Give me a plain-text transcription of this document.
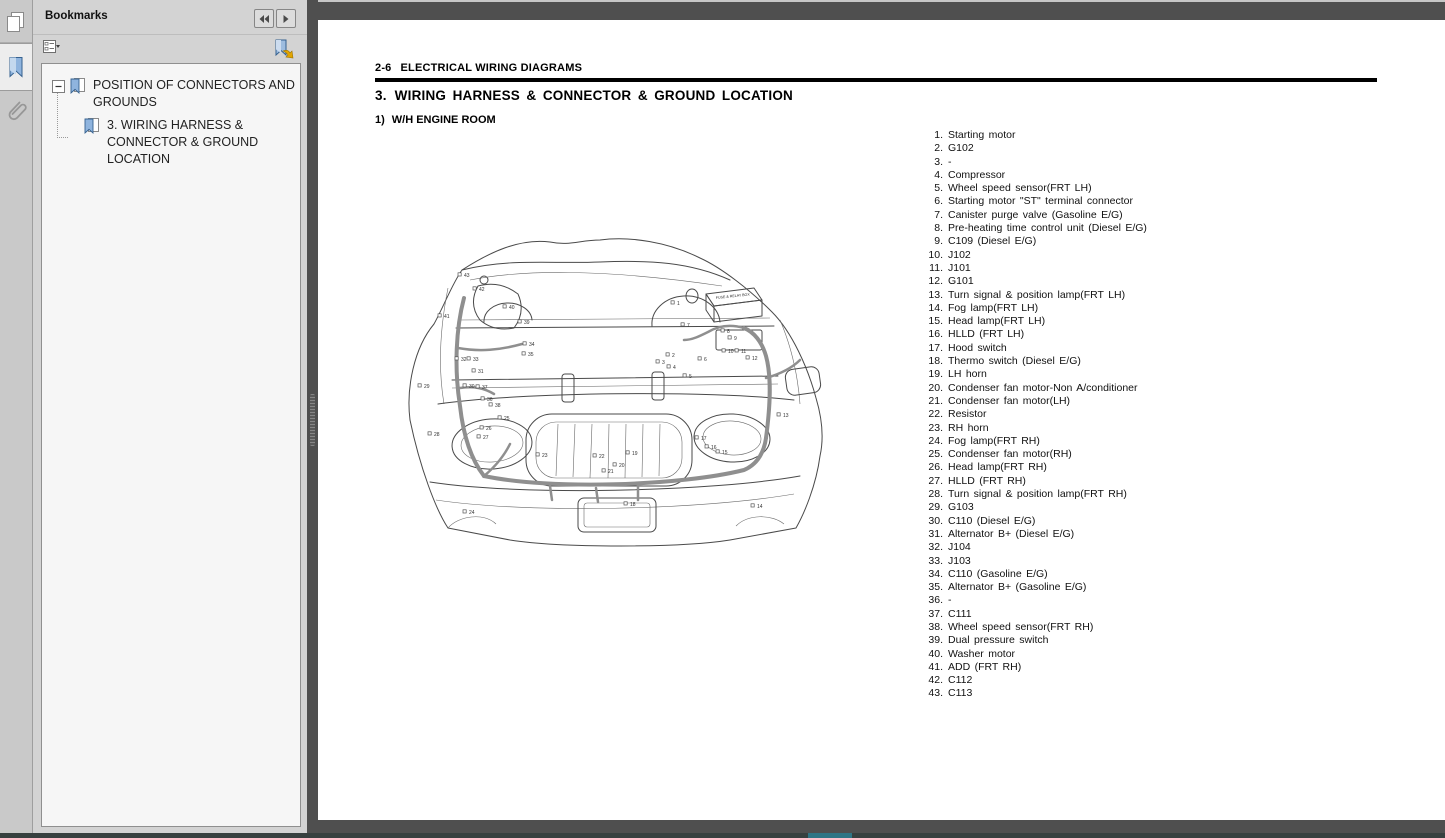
Bookmarks
POSITION OF CONNECTORS AND GROUNDS
3. WIRING HARNESS & CONNECTOR & GROUND LOCATION
2-6 ELECTRICAL WIRING DIAGRAMS
3. WIRING HARNESS & CONNECTOR & GROUND LOCATION
1) W/H ENGINE ROOM
FUSE & RELAY BOX
1
2
3
4
5
6
7
8
9
10 11
12
13
14
15
16
17
18
19
20
21
22
23
24
25
26
27
28
29	30
31
32 33
34
35
36
37
38
39
40
41
42
43
1. Starting motor
2. G102
3. -
4. Compressor
5. Wheel speed sensor(FRT LH)
6. Starting motor "ST" terminal connector
7. Canister purge valve (Gasoline E/G)
8. Pre-heating time control unit (Diesel E/G)
9. C109 (Diesel E/G)
10. J102
11. J101
12. G101
13. Turn signal & position lamp(FRT LH)
14. Fog lamp(FRT LH)
15. Head lamp(FRT LH)
16. HLLD (FRT LH)
17. Hood switch
18. Thermo switch (Diesel E/G)
19. LH horn
20. Condenser fan motor-Non A/conditioner
21. Condenser fan motor(LH)
22. Resistor
23. RH horn
24. Fog lamp(FRT RH)
25. Condenser fan motor(RH)
26. Head lamp(FRT RH)
27. HLLD (FRT RH)
28. Turn signal & position lamp(FRT RH)
29. G103
30. C110 (Diesel E/G)
31. Alternator B+ (Diesel E/G)
32. J104
33. J103
34. C110 (Gasoline E/G)
35. Alternator B+ (Gasoline E/G)
36. -
37. C111
38. Wheel speed sensor(FRT RH)
39. Dual pressure switch
40. Washer motor
41. ADD (FRT RH)
42. C112
43. C113
